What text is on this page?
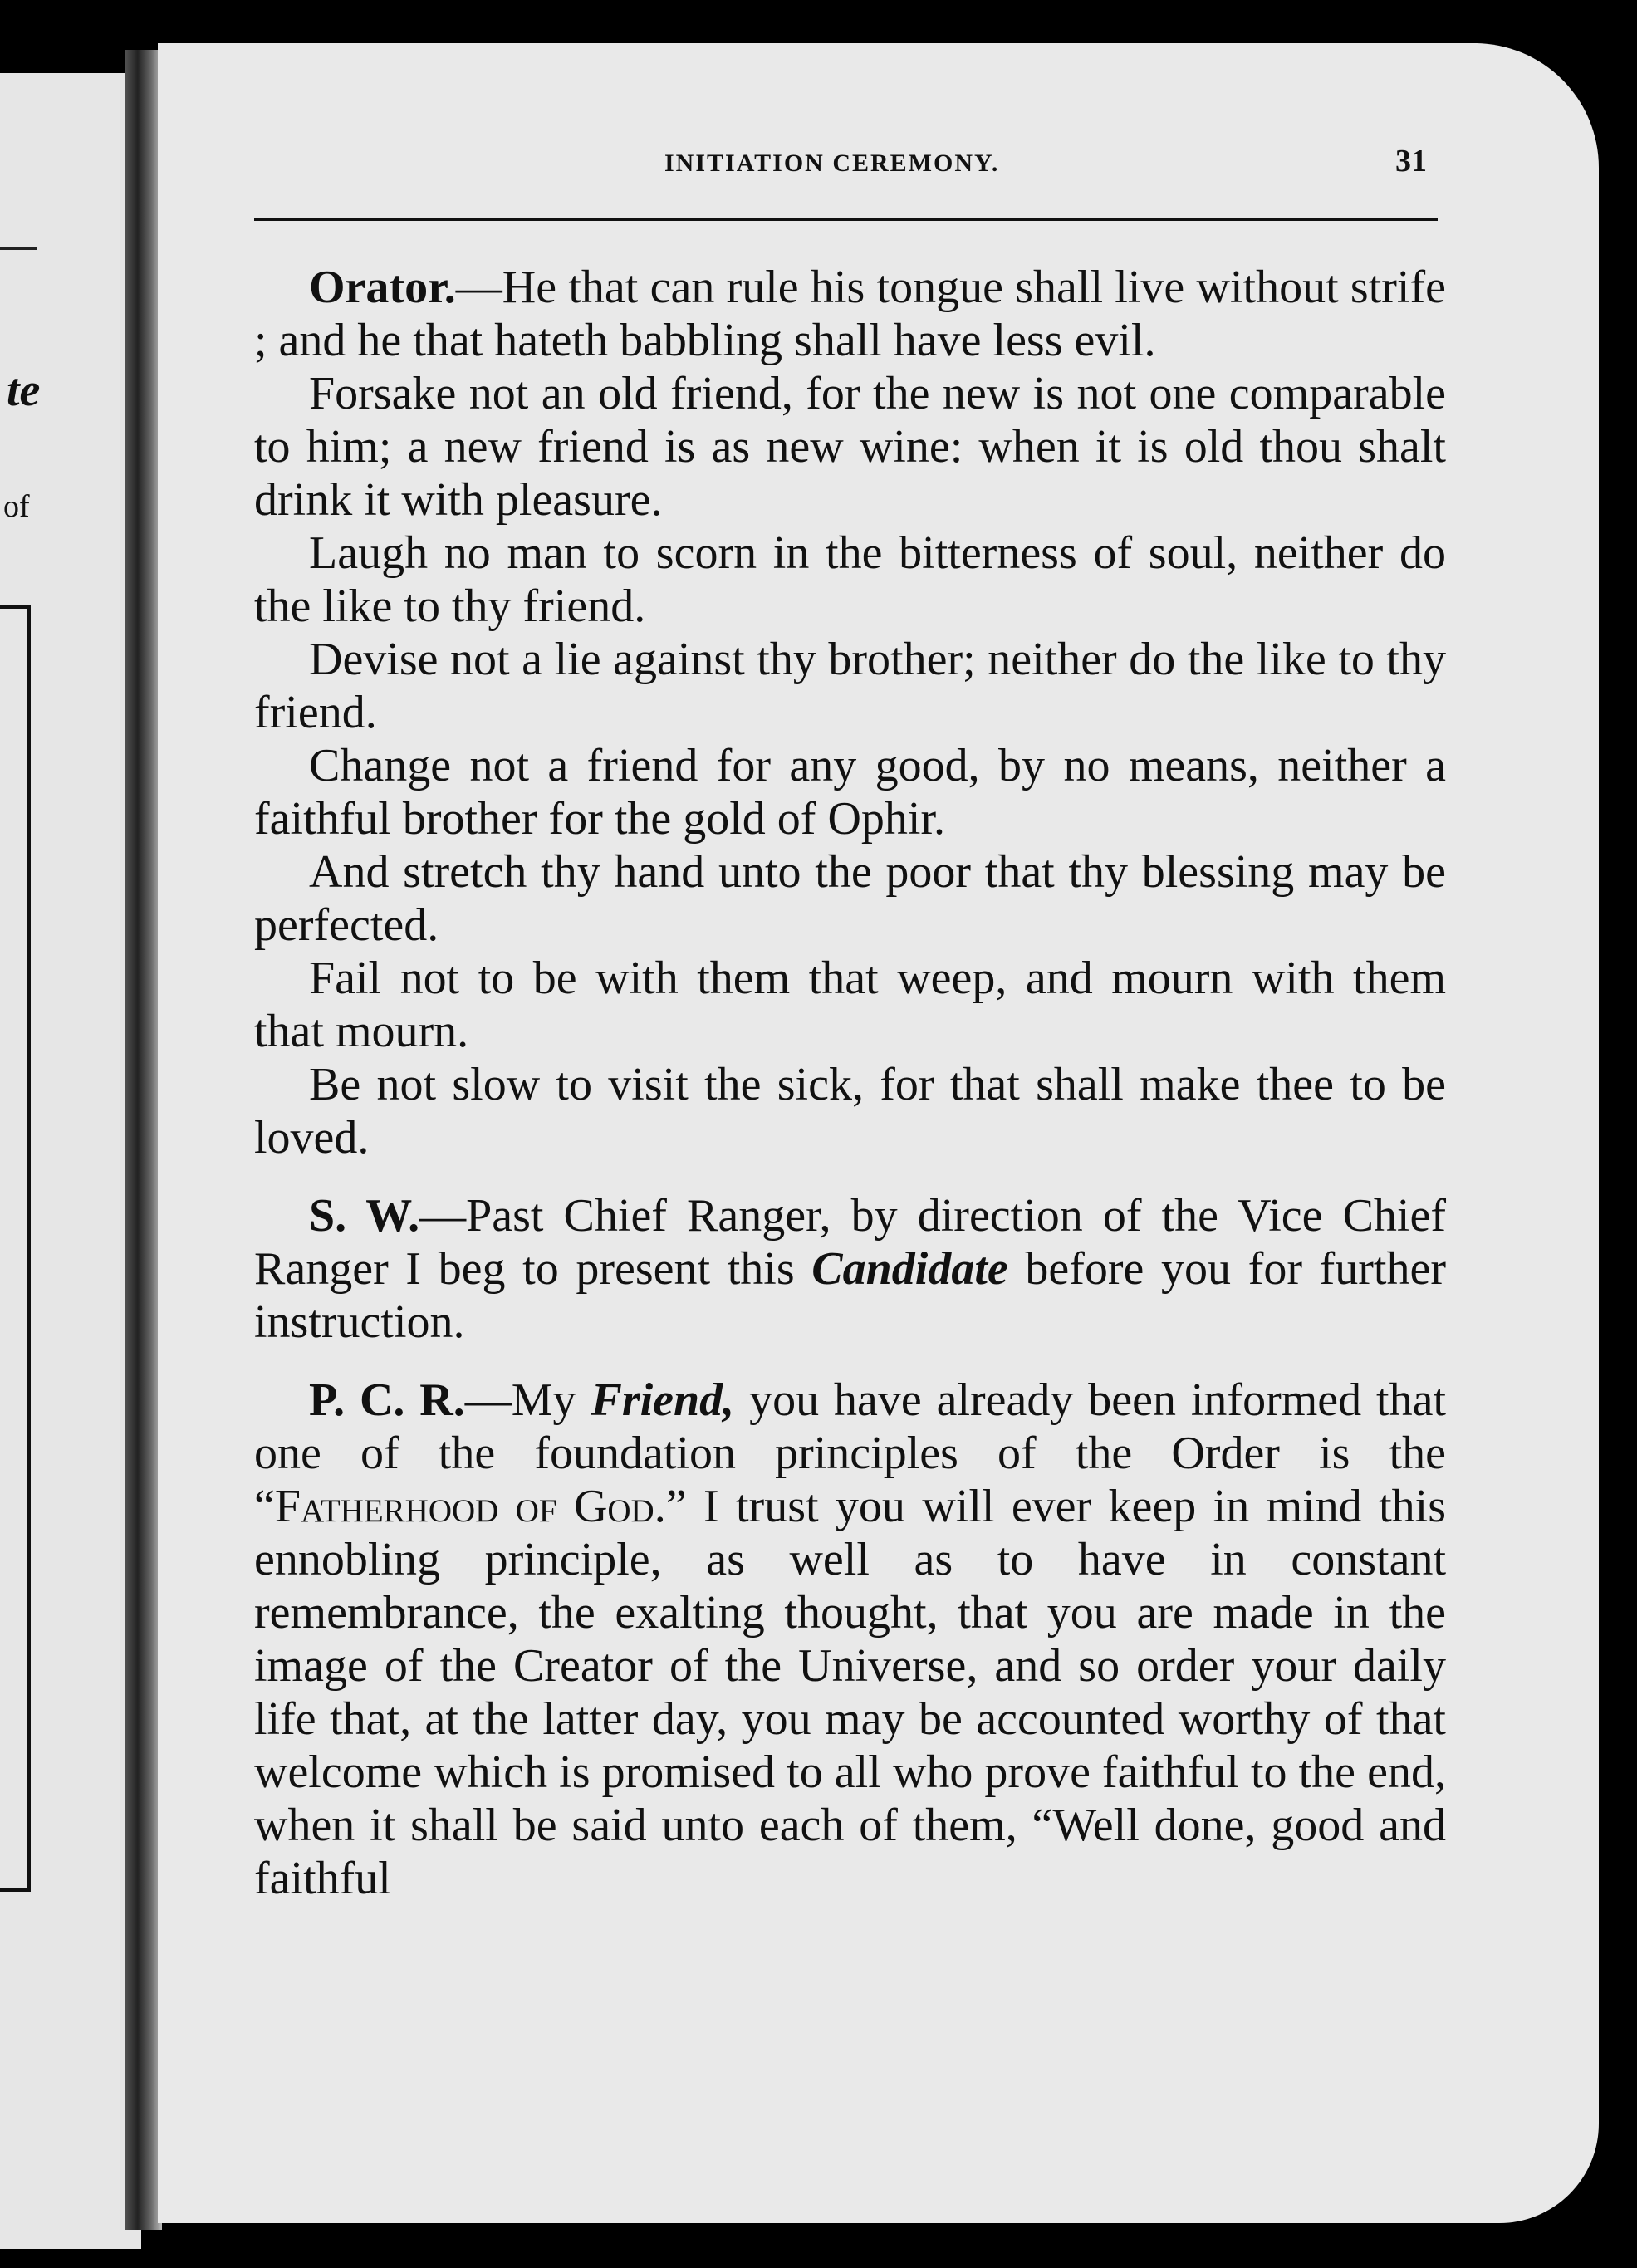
te
of
INITIATION CEREMONY.	31

Orator.—He that can rule his tongue shall live without strife ; and he that hateth babbling shall have less evil.

Forsake not an old friend, for the new is not one comparable to him; a new friend is as new wine: when it is old thou shalt drink it with pleasure.

Laugh no man to scorn in the bitterness of soul, neither do the like to thy friend.

Devise not a lie against thy brother; neither do the like to thy friend.

Change not a friend for any good, by no means, neither a faithful brother for the gold of Ophir.

And stretch thy hand unto the poor that thy blessing may be perfected.

Fail not to be with them that weep, and mourn with them that mourn.

Be not slow to visit the sick, for that shall make thee to be loved.

S. W.—Past Chief Ranger, by direction of the Vice Chief Ranger I beg to present this Candidate before you for further instruction.

P. C. R.—My Friend, you have already been informed that one of the foundation principles of the Order is the “Fatherhood of God.” I trust you will ever keep in mind this ennobling principle, as well as to have in constant remembrance, the exalting thought, that you are made in the image of the Creator of the Universe, and so order your daily life that, at the latter day, you may be accounted worthy of that welcome which is promised to all who prove faithful to the end, when it shall be said unto each of them, “Well done, good and faithful
